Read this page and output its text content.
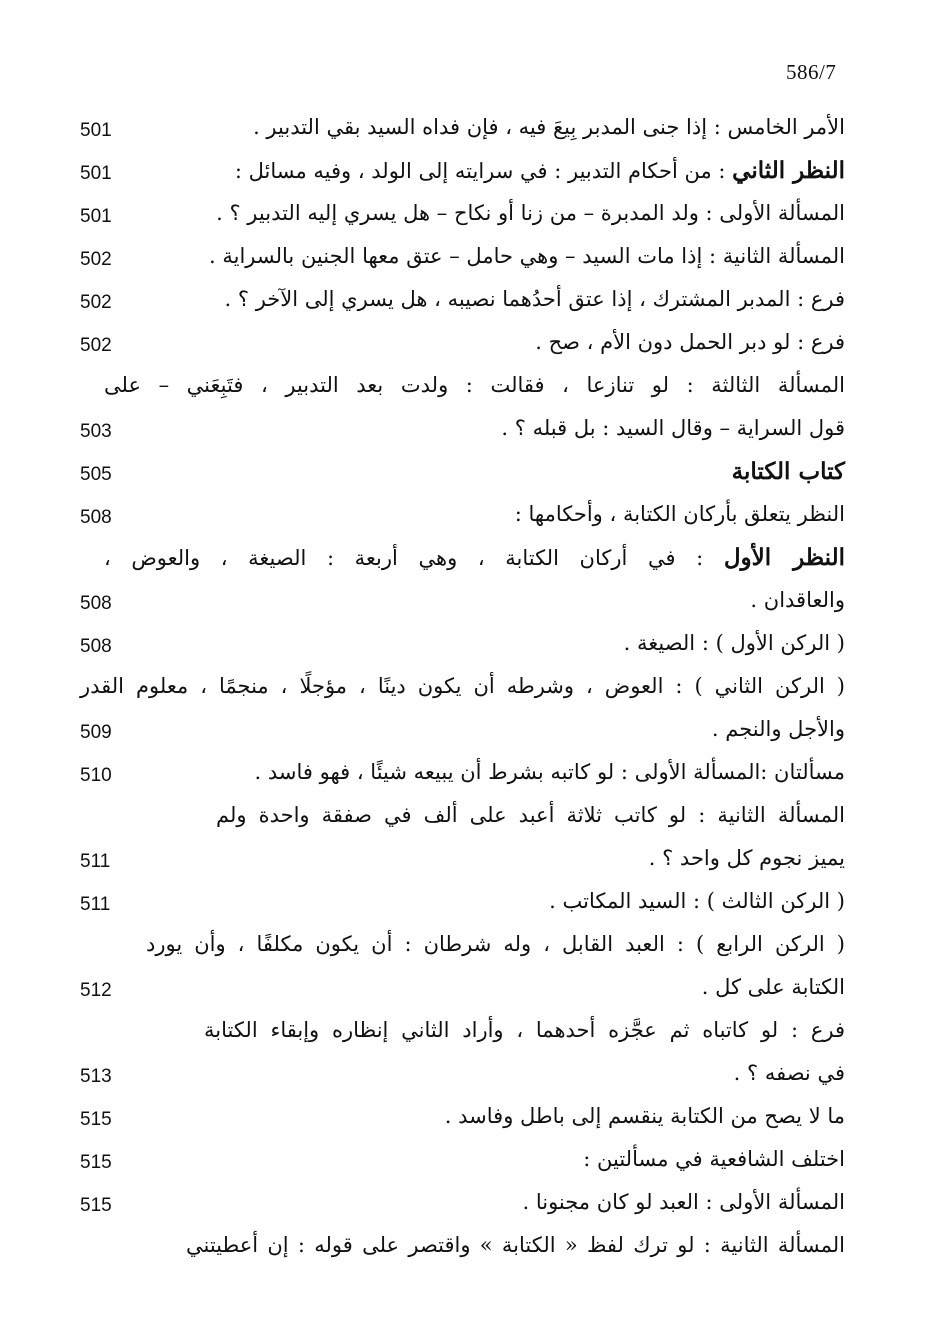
586/7
الأمر الخامس : إذا جنى المدبر بِيعَ فيه ، فإن فداه السيد بقي التدبير .
501
النظر الثاني : من أحكام التدبير : في سرايته إلى الولد ، وفيه مسائل :
501
المسألة الأولى : ولد المدبرة – من زنا أو نكاح – هل يسري إليه التدبير ؟ .
501
المسألة الثانية : إذا مات السيد – وهي حامل – عتق معها الجنين بالسراية .
502
فرع : المدبر المشترك ، إذا عتق أحدُهما نصيبه ، هل يسري إلى الآخر ؟ .
502
فرع : لو دبر الحمل دون الأم ، صح .
502
المسألة الثالثة : لو تنازعا ، فقالت : ولدت بعد التدبير ، فتَبِعَني – على
قول السراية – وقال السيد : بل قبله ؟ .
503
كتاب الكتابة
505
النظر يتعلق بأركان الكتابة ، وأحكامها :
508
النظر الأول : في أركان الكتابة ، وهي أربعة : الصيغة ، والعوض ،
والعاقدان .
508
( الركن الأول ) : الصيغة .
508
( الركن الثاني ) : العوض ، وشرطه أن يكون دينًا ، مؤجلًا ، منجمًا ، معلوم القدر
والأجل والنجم .
509
مسألتان :المسألة الأولى : لو كاتبه بشرط أن يبيعه شيئًا ، فهو فاسد .
510
المسألة الثانية : لو كاتب ثلاثة أعبد على ألف في صفقة واحدة ولم
يميز نجوم كل واحد ؟ .
511
( الركن الثالث ) : السيد المكاتب .
511
( الركن الرابع ) : العبد القابل ، وله شرطان : أن يكون مكلفًا ، وأن يورد
الكتابة على كل .
512
فرع : لو كاتباه ثم عجَّزه أحدهما ، وأراد الثاني إنظاره وإبقاء الكتابة
في نصفه ؟ .
513
ما لا يصح من الكتابة ينقسم إلى باطل وفاسد .
515
اختلف الشافعية في مسألتين :
515
المسألة الأولى : العبد لو كان مجنونا .
515
المسألة الثانية : لو ترك لفظ « الكتابة » واقتصر على قوله : إن أعطيتني
